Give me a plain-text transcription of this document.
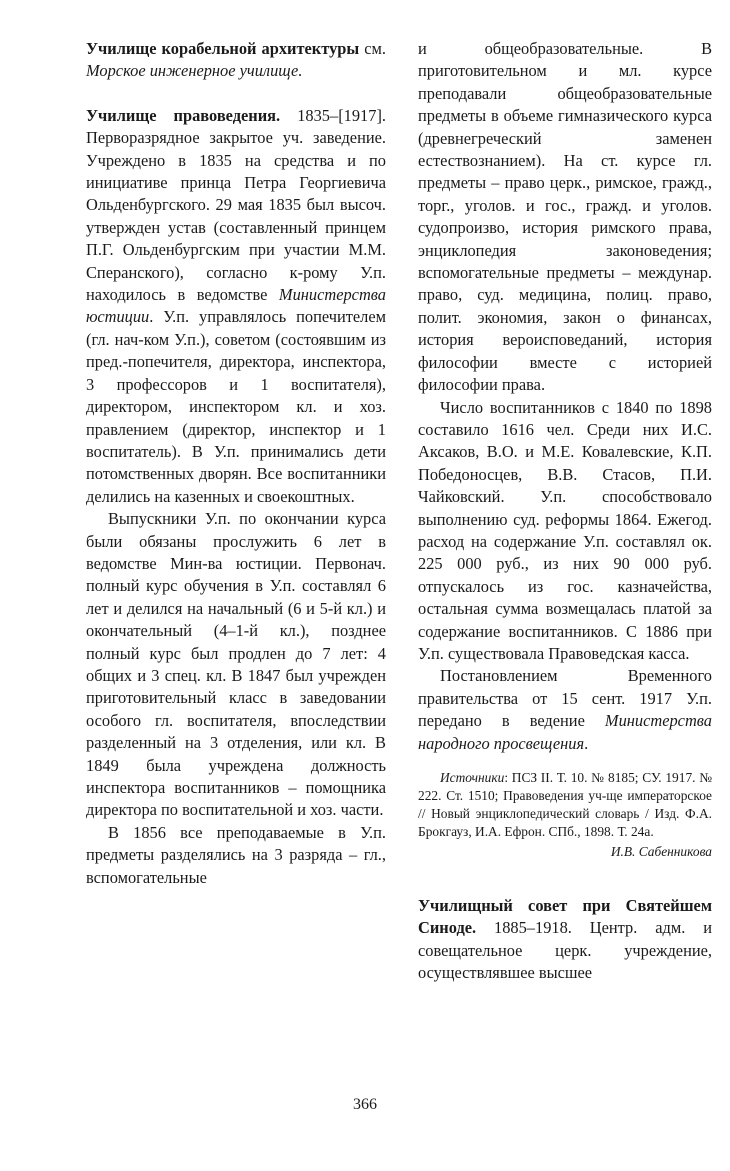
Училище корабельной архитектуры см. Морское инженерное училище.

Училище правоведения. 1835–[1917]. Перворазрядное закрытое уч. заведение. Учреждено в 1835 на средства и по инициативе принца Петра Георгиевича Ольденбургского. 29 мая 1835 был высоч. утвержден устав (составленный принцем П.Г. Ольденбургским при участии М.М. Сперанского), согласно к-рому У.п. находилось в ведомстве Министерства юстиции. У.п. управлялось попечителем (гл. нач-ком У.п.), советом (состоявшим из пред.-попечителя, директора, инспектора, 3 профессоров и 1 воспитателя), директором, инспектором кл. и хоз. правлением (директор, инспектор и 1 воспитатель). В У.п. принимались дети потомственных дворян. Все воспитанники делились на казенных и своекоштных.

Выпускники У.п. по окончании курса были обязаны прослужить 6 лет в ведомстве Мин-ва юстиции. Первонач. полный курс обучения в У.п. составлял 6 лет и делился на начальный (6 и 5-й кл.) и окончательный (4–1-й кл.), позднее полный курс был продлен до 7 лет: 4 общих и 3 спец. кл. В 1847 был учрежден приготовительный класс в заведовании особого гл. воспитателя, впоследствии разделенный на 3 отделения, или кл. В 1849 была учреждена должность инспектора воспитанников – помощника директора по воспитательной и хоз. части.

В 1856 все преподаваемые в У.п. предметы разделялись на 3 разряда – гл., вспомогательные

и общеобразовательные. В приготовительном и мл. курсе преподавали общеобразовательные предметы в объеме гимназического курса (древнегреческий заменен естествознанием). На ст. курсе гл. предметы – право церк., римское, гражд., торг., уголов. и гос., гражд. и уголов. судопроизво, история римского права, энциклопедия законоведения; вспомогательные предметы – междунар. право, суд. медицина, полиц. право, полит. экономия, закон о финансах, история вероисповеданий, история философии вместе с историей философии права.

Число воспитанников с 1840 по 1898 составило 1616 чел. Среди них И.С. Аксаков, В.О. и М.Е. Ковалевские, К.П. Победоносцев, В.В. Стасов, П.И. Чайковский. У.п. способствовало выполнению суд. реформы 1864. Ежегод. расход на содержание У.п. составлял ок. 225 000 руб., из них 90 000 руб. отпускалось из гос. казначейства, остальная сумма возмещалась платой за содержание воспитанников. С 1886 при У.п. существовала Правоведская касса.

Постановлением Временного правительства от 15 сент. 1917 У.п. передано в ведение Министерства народного просвещения.

Источники: ПСЗ II. Т. 10. № 8185; СУ. 1917. № 222. Ст. 1510; Правоведения уч-ще императорское // Новый энциклопедический словарь / Изд. Ф.А. Брокгауз, И.А. Ефрон. СПб., 1898. Т. 24а.

И.В. Сабенникова

Училищный совет при Святейшем Синоде. 1885–1918. Центр. адм. и совещательное церк. учреждение, осуществлявшее высшее

366
